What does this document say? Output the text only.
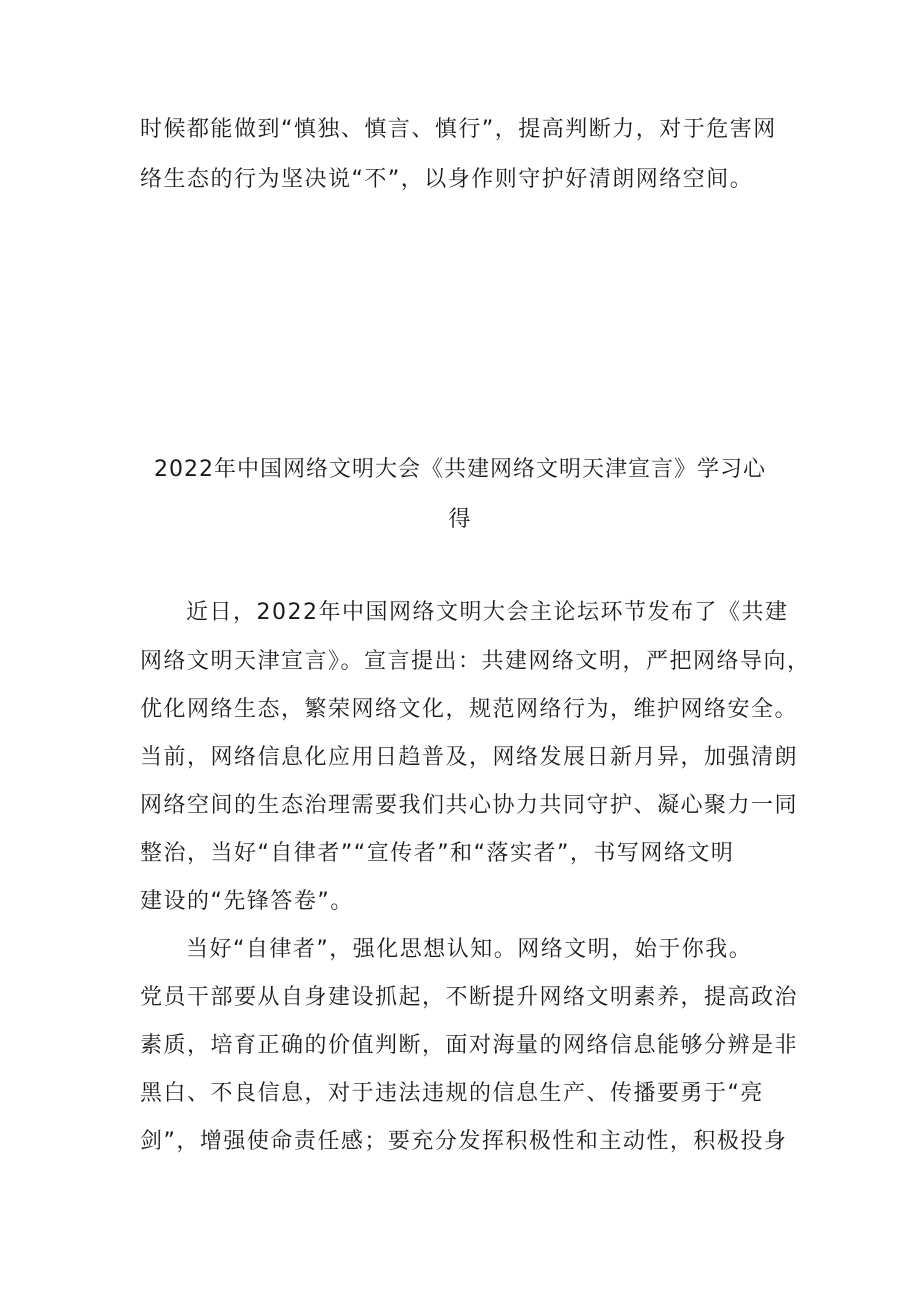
时候都能做到“慎独、慎言、慎行”，提高判断力，对于危害网
络生态的行为坚决说“不”，以身作则守护好清朗网络空间。
2022年中国网络文明大会《共建网络文明天津宣言》学习心
得
近日，2022年中国网络文明大会主论坛环节发布了《共建
网络文明天津宣言》。宣言提出：共建网络文明，严把网络导向，
优化网络生态，繁荣网络文化，规范网络行为，维护网络安全。
当前，网络信息化应用日趋普及，网络发展日新月异，加强清朗
网络空间的生态治理需要我们共心协力共同守护、凝心聚力一同
整治，当好“自律者”“宣传者”和“落实者”，书写网络文明
建设的“先锋答卷”。
当好“自律者”，强化思想认知。网络文明，始于你我。
党员干部要从自身建设抓起，不断提升网络文明素养，提高政治
素质，培育正确的价值判断，面对海量的网络信息能够分辨是非
黑白、不良信息，对于违法违规的信息生产、传播要勇于“亮
剑”，增强使命责任感；要充分发挥积极性和主动性，积极投身
